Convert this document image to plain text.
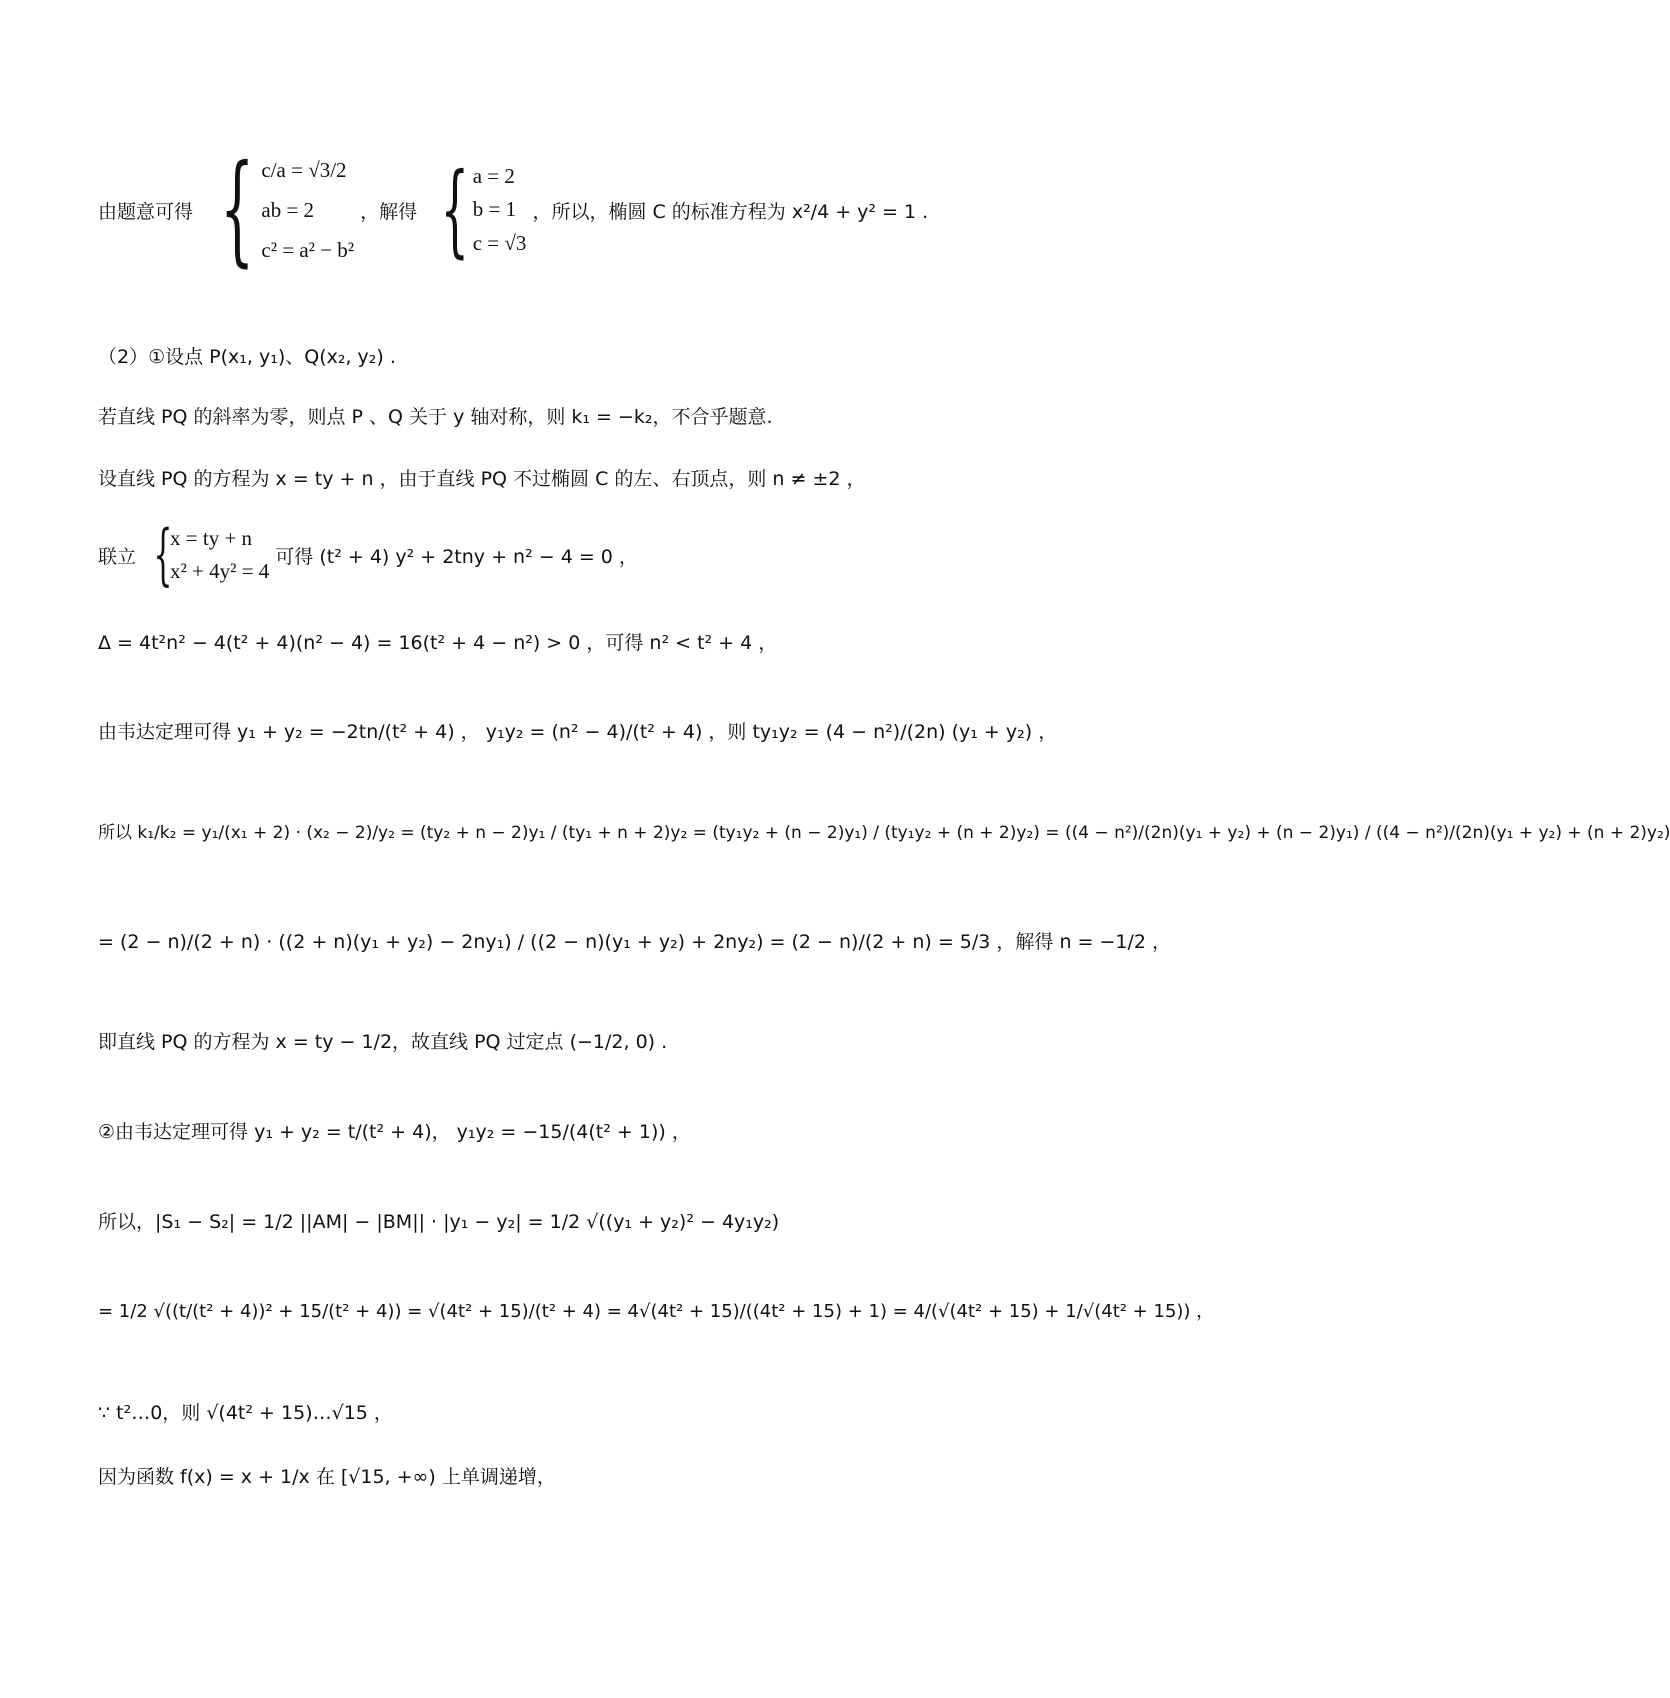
由题意可得 { c/a = √3/2
ab = 2
c² = a² − b²
，解得 { a = 2
b = 1
c = √3
，所以，椭圆 C 的标准方程为 x²/4 + y² = 1 .
（2）①设点 P(x₁, y₁)、Q(x₂, y₂) .
若直线 PQ 的斜率为零，则点 P 、Q 关于 y 轴对称，则 k₁ = −k₂，不合乎题意.
设直线 PQ 的方程为 x = ty + n ，由于直线 PQ 不过椭圆 C 的左、右顶点，则 n ≠ ±2 ，
联立 {
x = ty + n
x² + 4y² = 4
可得 (t² + 4) y² + 2tny + n² − 4 = 0 ，
Δ = 4t²n² − 4(t² + 4)(n² − 4) = 16(t² + 4 − n²) > 0 ，可得 n² < t² + 4 ，
由韦达定理可得 y₁ + y₂ = −2tn/(t² + 4) ， y₁y₂ = (n² − 4)/(t² + 4) ，则 ty₁y₂ = (4 − n²)/(2n) (y₁ + y₂) ，
所以 k₁/k₂ = y₁/(x₁ + 2) · (x₂ − 2)/y₂ = (ty₂ + n − 2)y₁ / (ty₁ + n + 2)y₂ = (ty₁y₂ + (n − 2)y₁) / (ty₁y₂ + (n + 2)y₂) = ((4 − n²)/(2n)(y₁ + y₂) + (n − 2)y₁) / ((4 − n²)/(2n)(y₁ + y₂) + (n + 2)y₂)
= (2 − n)/(2 + n) · ((2 + n)(y₁ + y₂) − 2ny₁) / ((2 − n)(y₁ + y₂) + 2ny₂) = (2 − n)/(2 + n) = 5/3 ，解得 n = −1/2 ，
即直线 PQ 的方程为 x = ty − 1/2，故直线 PQ 过定点 (−1/2, 0) .
②由韦达定理可得 y₁ + y₂ = t/(t² + 4)， y₁y₂ = −15/(4(t² + 1)) ，
所以，|S₁ − S₂| = 1/2 ||AM| − |BM|| · |y₁ − y₂| = 1/2 √((y₁ + y₂)² − 4y₁y₂)
= 1/2 √((t/(t² + 4))² + 15/(t² + 4)) = √(4t² + 15)/(t² + 4) = 4√(4t² + 15)/((4t² + 15) + 1) = 4/(√(4t² + 15) + 1/√(4t² + 15)) ，
∵ t²…0，则 √(4t² + 15)…√15 ，
因为函数 f(x) = x + 1/x 在 [√15, +∞) 上单调递增，
